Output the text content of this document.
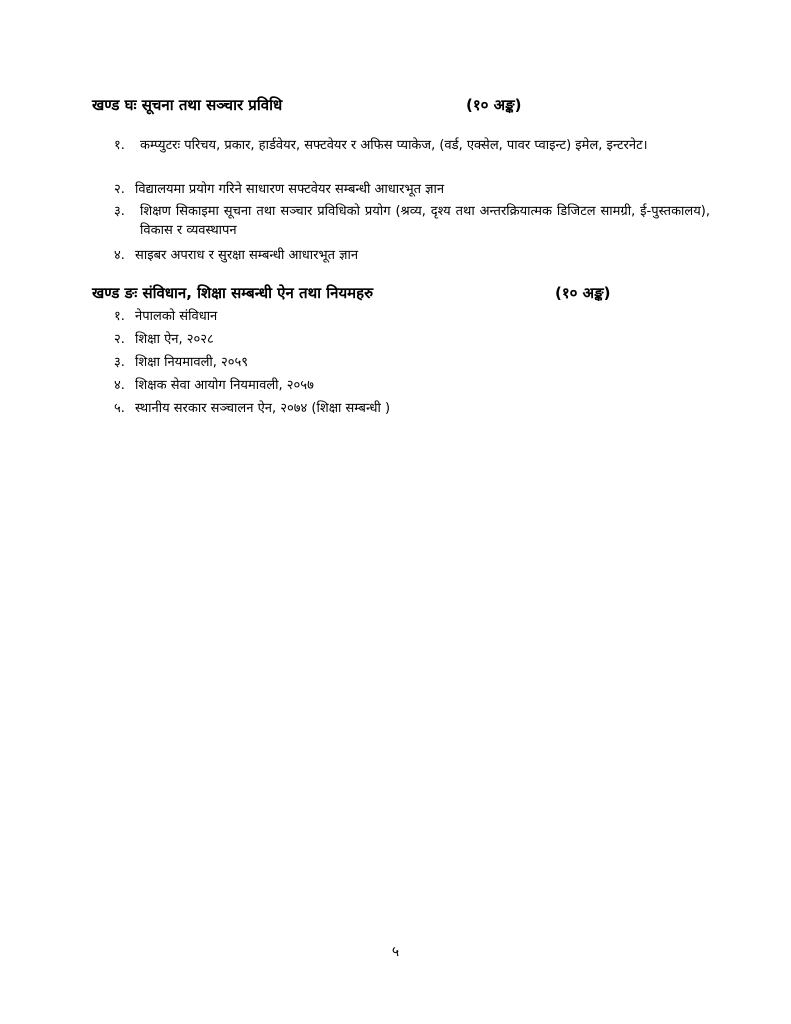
खण्ड घः सूचना तथा सञ्चार प्रविधि	(१० अङ्क)
१. कम्प्युटरः परिचय, प्रकार, हार्डवेयर, सफ्टवेयर र अफिस प्याकेज, (वर्ड, एक्सेल, पावर प्वाइन्ट) इमेल, इन्टरनेट।
२. विद्यालयमा प्रयोग गरिने साधारण सफ्टवेयर सम्बन्धी आधारभूत ज्ञान
३. शिक्षण सिकाइमा सूचना तथा सञ्चार प्रविधिको प्रयोग (श्रव्य, दृश्य तथा अन्तरक्रियात्मक डिजिटल सामग्री, ई-पुस्तकालय), विकास र व्यवस्थापन
४. साइबर अपराध र सुरक्षा सम्बन्धी आधारभूत ज्ञान
खण्ड ङः संविधान, शिक्षा सम्बन्धी ऐन तथा नियमहरु	(१० अङ्क)
१. नेपालको संविधान
२. शिक्षा ऐन, २०२८
३. शिक्षा नियमावली, २०५९
४. शिक्षक सेवा आयोग नियमावली, २०५७
५. स्थानीय सरकार सञ्चालन ऐन, २०७४ (शिक्षा सम्बन्धी )
५
